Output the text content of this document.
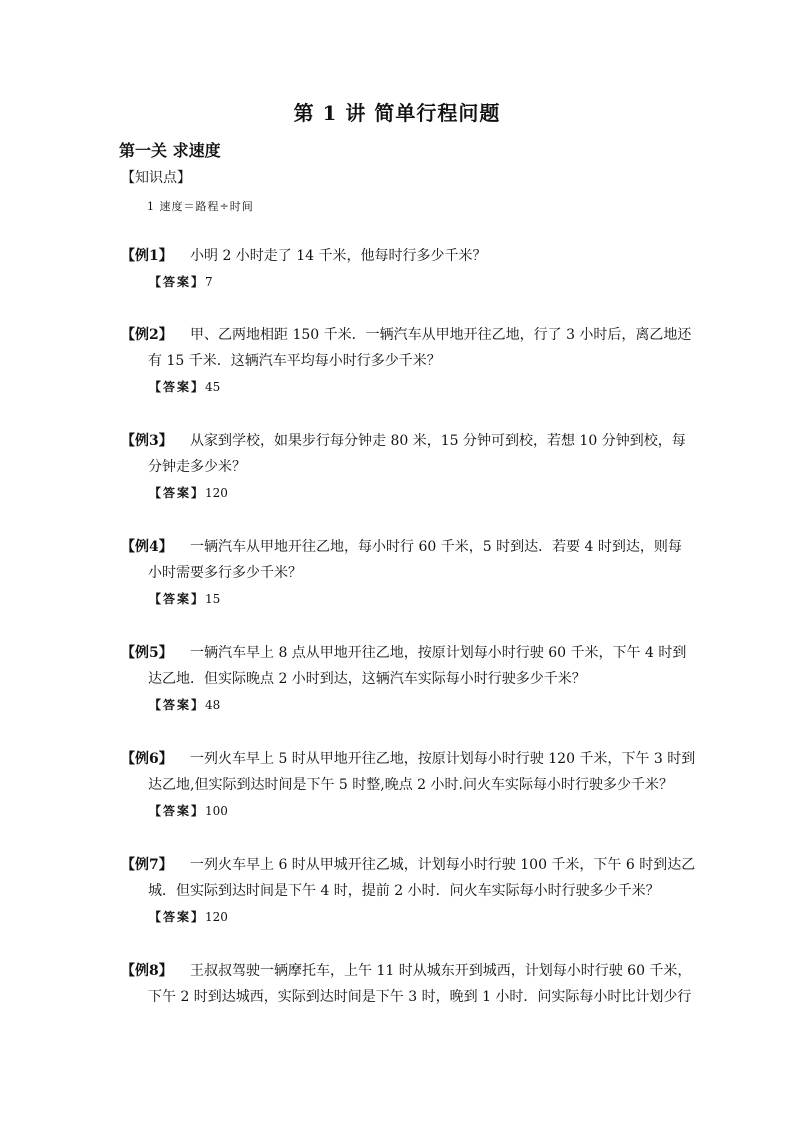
第 1 讲 简单行程问题
第一关 求速度
【知识点】
1 速度＝路程÷时间
【例1】 小明 2 小时走了 14 千米，他每时行多少千米？
【答案】7
【例2】 甲、乙两地相距 150 千米．一辆汽车从甲地开往乙地，行了 3 小时后，离乙地还
有 15 千米．这辆汽车平均每小时行多少千米？
【答案】45
【例3】 从家到学校，如果步行每分钟走 80 米，15 分钟可到校，若想 10 分钟到校，每
分钟走多少米？
【答案】120
【例4】 一辆汽车从甲地开往乙地，每小时行 60 千米，5 时到达．若要 4 时到达，则每
小时需要多行多少千米？
【答案】15
【例5】 一辆汽车早上 8 点从甲地开往乙地，按原计划每小时行驶 60 千米，下午 4 时到
达乙地．但实际晚点 2 小时到达，这辆汽车实际每小时行驶多少千米？
【答案】48
【例6】 一列火车早上 5 时从甲地开往乙地，按原计划每小时行驶 120 千米，下午 3 时到
达乙地,但实际到达时间是下午 5 时整,晚点 2 小时.问火车实际每小时行驶多少千米？
【答案】100
【例7】 一列火车早上 6 时从甲城开往乙城，计划每小时行驶 100 千米，下午 6 时到达乙
城．但实际到达时间是下午 4 时，提前 2 小时．问火车实际每小时行驶多少千米？
【答案】120
【例8】 王叔叔驾驶一辆摩托车，上午 11 时从城东开到城西，计划每小时行驶 60 千米，
下午 2 时到达城西，实际到达时间是下午 3 时，晚到 1 小时．问实际每小时比计划少行
